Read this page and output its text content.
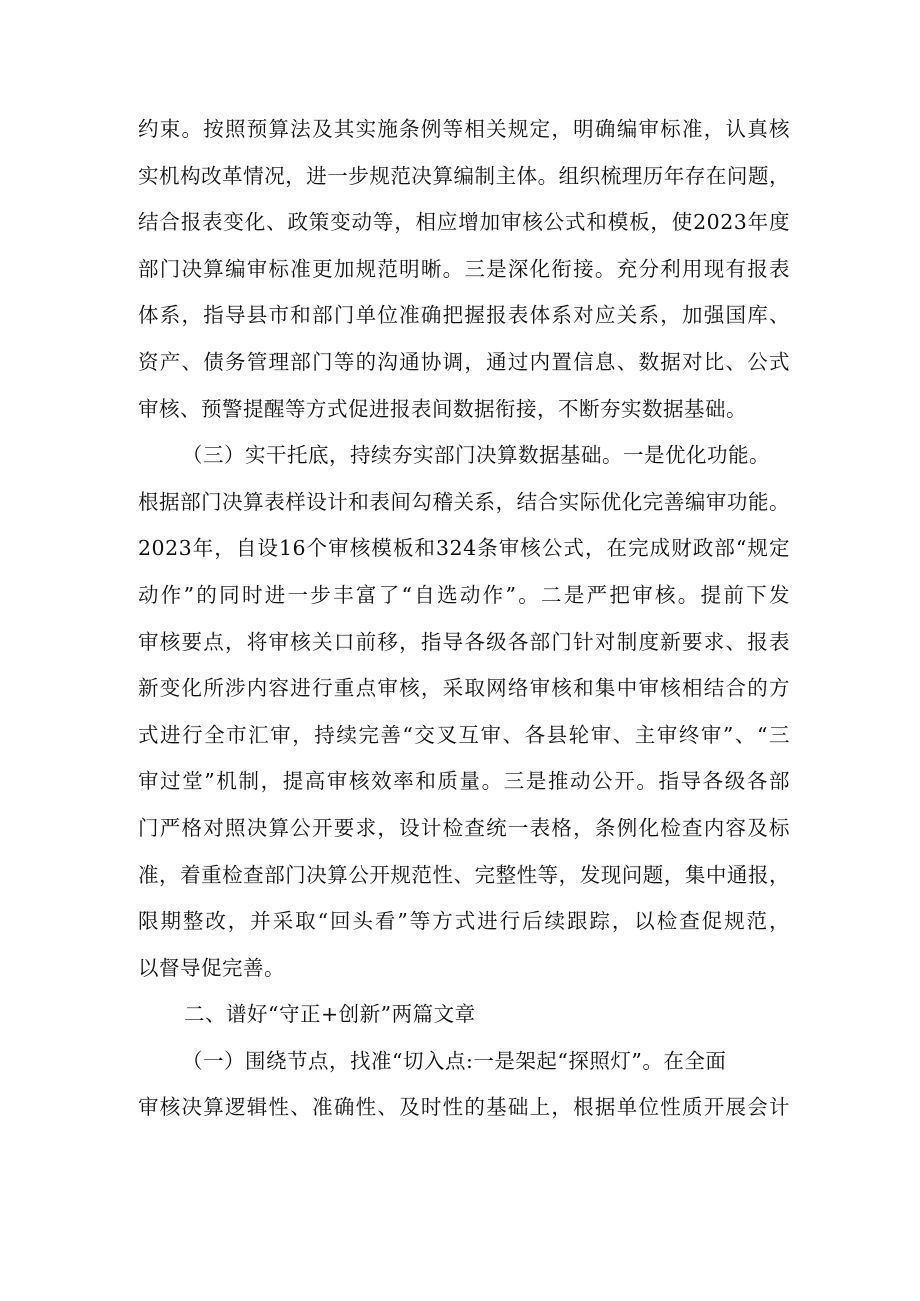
约束。按照预算法及其实施条例等相关规定，明确编审标准，认真核
实机构改革情况，进一步规范决算编制主体。组织梳理历年存在问题，
结合报表变化、政策变动等，相应增加审核公式和模板，使2023年度
部门决算编审标准更加规范明晰。三是深化衔接。充分利用现有报表
体系，指导县市和部门单位准确把握报表体系对应关系，加强国库、
资产、债务管理部门等的沟通协调，通过内置信息、数据对比、公式
审核、预警提醒等方式促进报表间数据衔接，不断夯实数据基础。
（三）实干托底，持续夯实部门决算数据基础。一是优化功能。
根据部门决算表样设计和表间勾稽关系，结合实际优化完善编审功能。
2023年，自设16个审核模板和324条审核公式，在完成财政部“规定
动作”的同时进一步丰富了“自选动作”。二是严把审核。提前下发
审核要点，将审核关口前移，指导各级各部门针对制度新要求、报表
新变化所涉内容进行重点审核，采取网络审核和集中审核相结合的方
式进行全市汇审，持续完善“交叉互审、各县轮审、主审终审”、“三
审过堂”机制，提高审核效率和质量。三是推动公开。指导各级各部
门严格对照决算公开要求，设计检查统一表格，条例化检查内容及标
准，着重检查部门决算公开规范性、完整性等，发现问题，集中通报，
限期整改，并采取“回头看”等方式进行后续跟踪，以检查促规范，
以督导促完善。
二、谱好“守正+创新”两篇文章
（一）围绕节点，找准“切入点:一是架起“探照灯”。在全面
审核决算逻辑性、准确性、及时性的基础上，根据单位性质开展会计
